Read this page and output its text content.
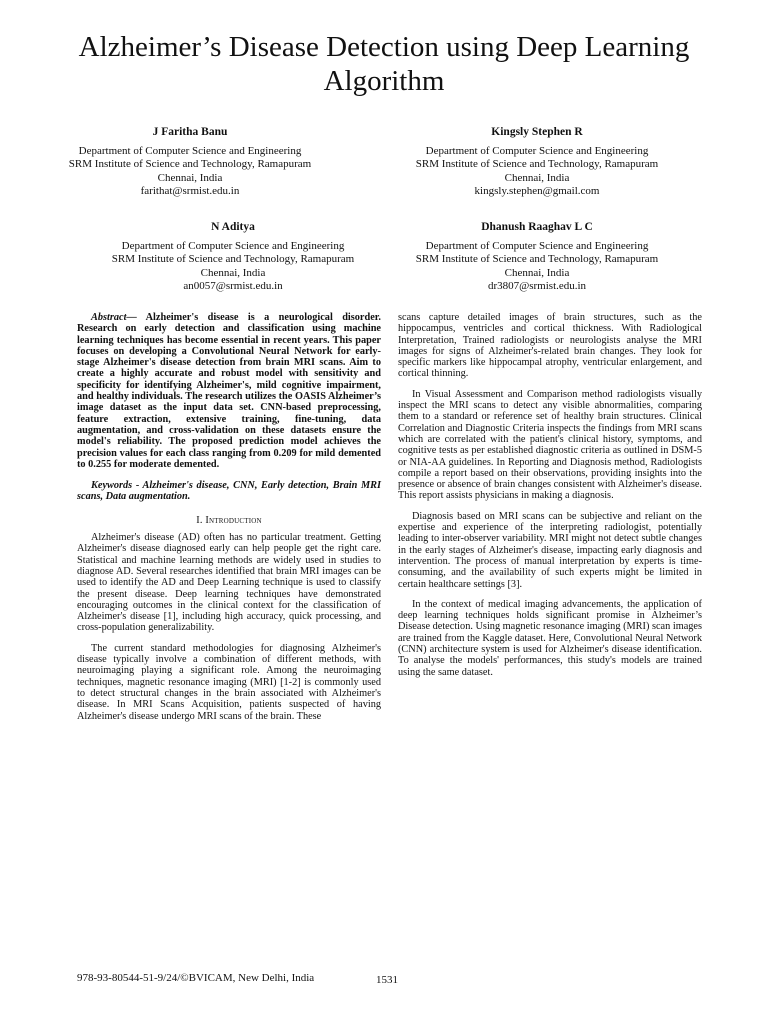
Alzheimer’s Disease Detection using Deep Learning Algorithm
J Faritha Banu
Department of Computer Science and Engineering
SRM Institute of Science and Technology, Ramapuram
Chennai, India
farithat@srmist.edu.in
Kingsly Stephen R
Department of Computer Science and Engineering
SRM Institute of Science and Technology, Ramapuram
Chennai, India
kingsly.stephen@gmail.com
N Aditya
Department of Computer Science and Engineering
SRM Institute of Science and Technology, Ramapuram
Chennai, India
an0057@srmist.edu.in
Dhanush Raaghav L C
Department of Computer Science and Engineering
SRM Institute of Science and Technology, Ramapuram
Chennai, India
dr3807@srmist.edu.in

Abstract— Alzheimer's disease is a neurological disorder. Research on early detection and classification using machine learning techniques has become essential in recent years. This paper focuses on developing a Convolutional Neural Network for early-stage Alzheimer's disease detection from brain MRI scans. Aim to create a highly accurate and robust model with sensitivity and specificity for identifying Alzheimer's, mild cognitive impairment, and healthy individuals. The research utilizes the OASIS Alzheimer’s image dataset as the input data set. CNN-based preprocessing, feature extraction, extensive training, fine-tuning, data augmentation, and cross-validation on these datasets ensure the model's reliability. The proposed prediction model achieves the precision values for each class ranging from 0.209 for mild demented to 0.255 for moderate demented.

Keywords - Alzheimer's disease, CNN, Early detection, Brain MRI scans, Data augmentation.

I. Introduction

Alzheimer's disease (AD) often has no particular treatment. Getting Alzheimer's disease diagnosed early can help people get the right care. Statistical and machine learning methods are widely used in studies to diagnose AD. Several researches identified that brain MRI images can be used to identify the AD and Deep Learning technique is used to classify the present disease. Deep learning techniques have demonstrated encouraging outcomes in the clinical context for the classification of Alzheimer's disease [1], including high accuracy, quick processing, and cross-population generalizability.

The current standard methodologies for diagnosing Alzheimer's disease typically involve a combination of different methods, with neuroimaging playing a significant role. Among the neuroimaging techniques, magnetic resonance imaging (MRI) [1-2] is commonly used to detect structural changes in the brain associated with Alzheimer's disease. In MRI Scans Acquisition, patients suspected of having Alzheimer's disease undergo MRI scans of the brain. These

scans capture detailed images of brain structures, such as the hippocampus, ventricles and cortical thickness. With Radiological Interpretation, Trained radiologists or neurologists analyse the MRI images for signs of Alzheimer's-related brain changes. They look for specific markers like hippocampal atrophy, ventricular enlargement, and cortical thinning.

In Visual Assessment and Comparison method radiologists visually inspect the MRI scans to detect any visible abnormalities, comparing them to a standard or reference set of healthy brain structures. Clinical Correlation and Diagnostic Criteria inspects the findings from MRI scans which are correlated with the patient's clinical history, symptoms, and cognitive tests as per established diagnostic criteria as outlined in DSM-5 or NIA-AA guidelines. In Reporting and Diagnosis method, Radiologists compile a report based on their observations, providing insights into the presence or absence of brain changes consistent with Alzheimer's disease. This report assists physicians in making a diagnosis.

Diagnosis based on MRI scans can be subjective and reliant on the expertise and experience of the interpreting radiologist, potentially leading to inter-observer variability. MRI might not detect subtle changes in the early stages of Alzheimer's disease, impacting early diagnosis and intervention. The process of manual interpretation by experts is time-consuming, and the availability of such experts might be limited in certain healthcare settings [3].

In the context of medical imaging advancements, the application of deep learning techniques holds significant promise in Alzheimer’s Disease detection. Using magnetic resonance imaging (MRI) scan images are trained from the Kaggle dataset. Here, Convolutional Neural Network (CNN) architecture system is used for Alzheimer's disease identification. To analyse the models' performances, this study's models are trained using the same dataset.

978-93-80544-51-9/24/©BVICAM, New Delhi, India	1531
